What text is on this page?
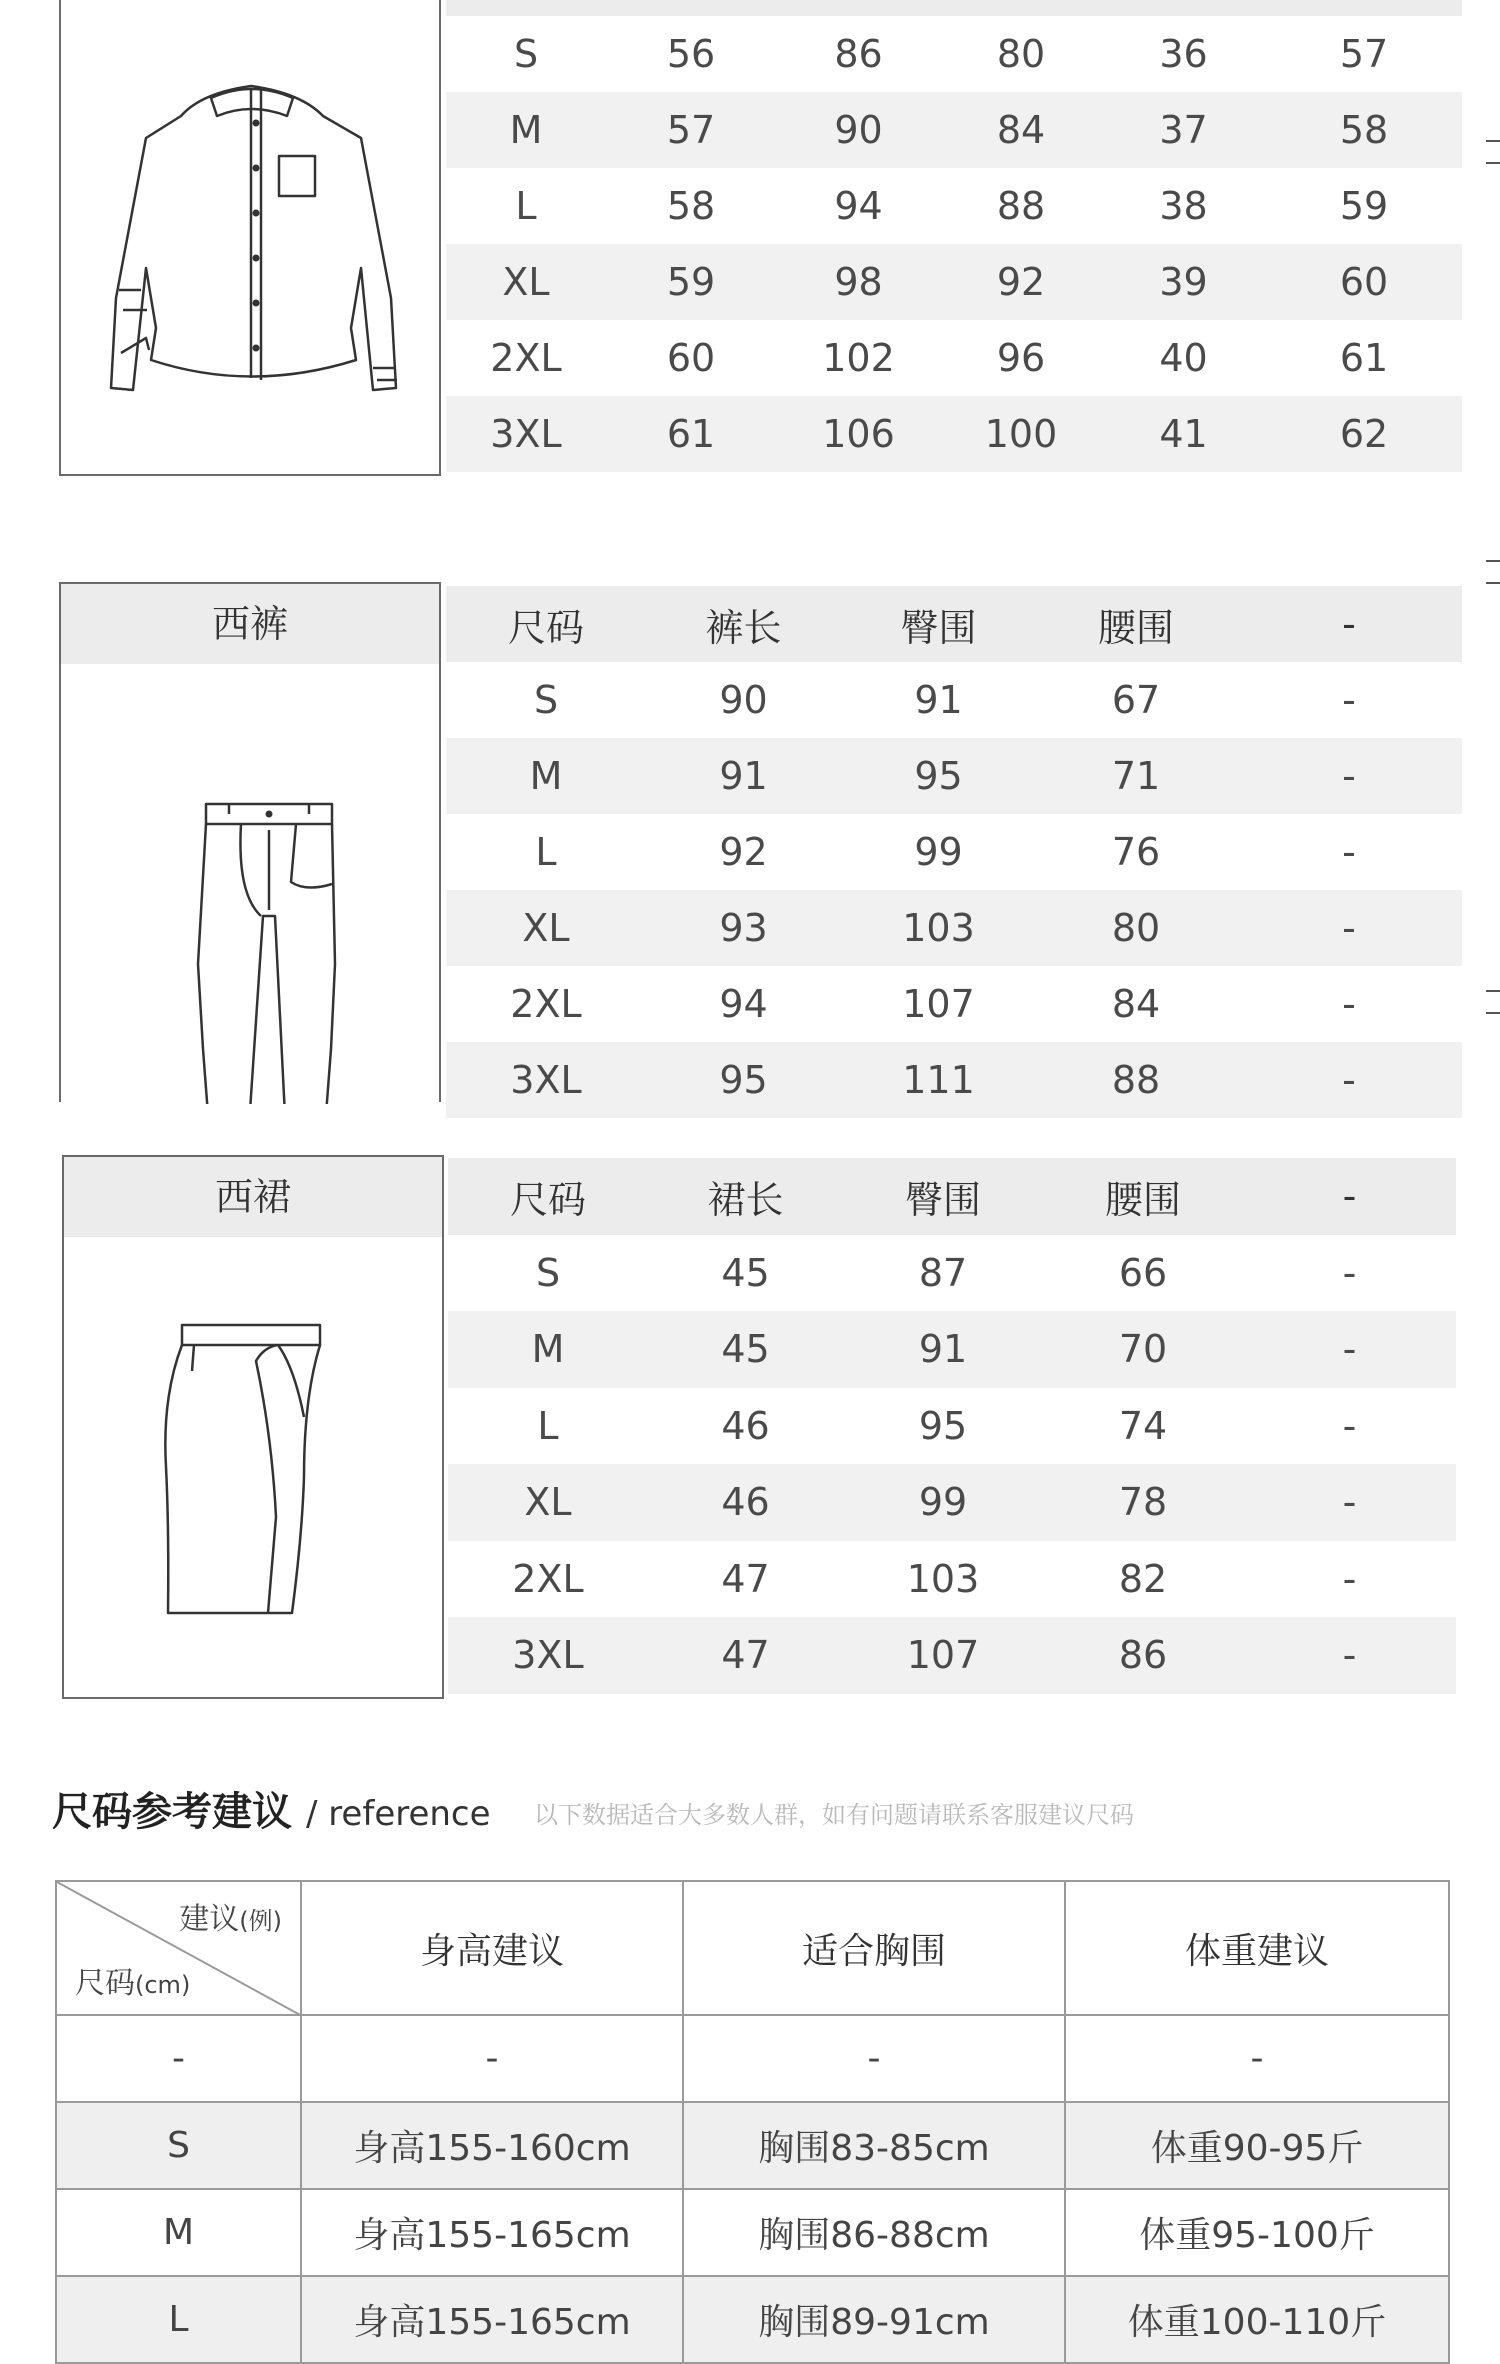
S	56	86	80	36	57
M	57	90	84	37	58
L	58	94	88	38	59
XL	59	98	92	39	60
2XL	60	102	96	40	61
3XL	61	106	100	41	62
西裤	尺码	裤长	臀围	腰围	-
S	90	91	67	-
M	91	95	71	-
L	92	99	76	-
XL	93	103	80	-
2XL	94	107	84	-
3XL	95	111	88	-
西裙	尺码	裙长	臀围	腰围	-
S	45	87	66	-
M	45	91	70	-
L	46	95	74	-
XL	46	99	78	-
2XL	47	103	82	-
3XL	47	107	86	-
尺码参考建议 / reference 以下数据适合大多数人群，如有问题请联系客服建议尺码
建议(例)
尺码(cm)	身高建议	适合胸围	体重建议
-	-	-	-
S	身高155-160cm	胸围83-85cm	体重90-95斤
M	身高155-165cm	胸围86-88cm	体重95-100斤
L	身高155-165cm	胸围89-91cm	体重100-110斤
